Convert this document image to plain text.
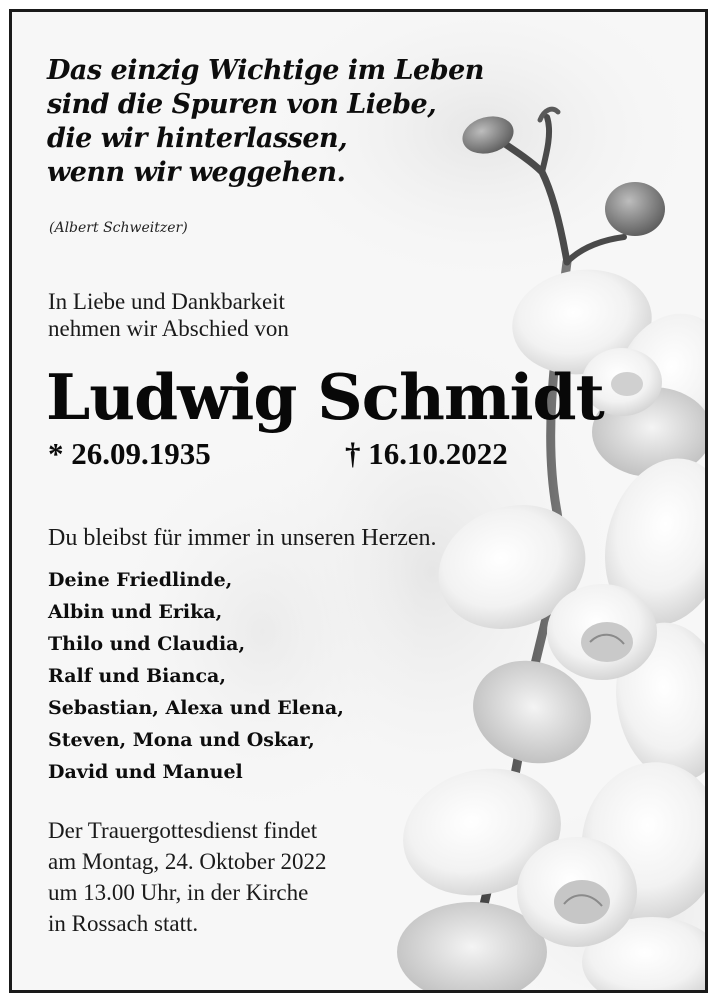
Das einzig Wichtige im Leben
sind die Spuren von Liebe,
die wir hinterlassen,
wenn wir weggehen.
(Albert Schweitzer)
In Liebe und Dankbarkeit
nehmen wir Abschied von
Ludwig Schmidt
* 26.09.1935	† 16.10.2022
Du bleibst für immer in unseren Herzen.
Deine Friedlinde,
Albin und Erika,
Thilo und Claudia,
Ralf und Bianca,
Sebastian, Alexa und Elena,
Steven, Mona und Oskar,
David und Manuel
Der Trauergottesdienst findet
am Montag, 24. Oktober 2022
um 13.00 Uhr, in der Kirche
in Rossach statt.
